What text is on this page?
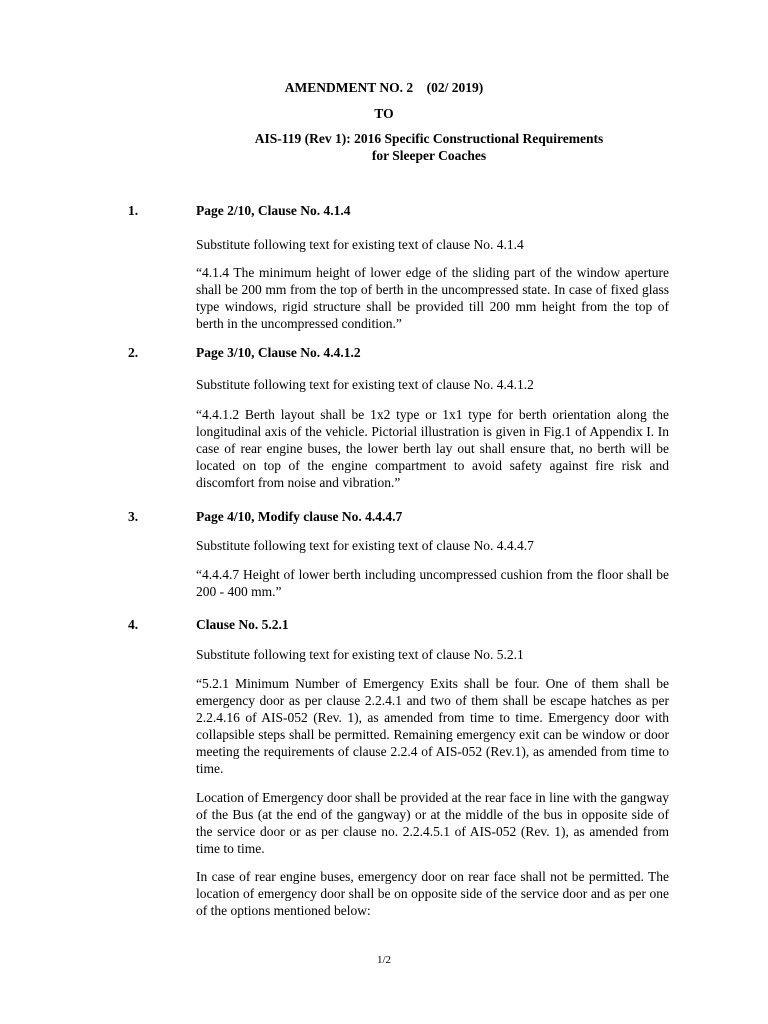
AMENDMENT NO. 2    (02/ 2019)
TO
AIS-119 (Rev 1): 2016 Specific Constructional Requirements
for Sleeper Coaches
1.	Page 2/10, Clause No. 4.1.4
Substitute following text for existing text of clause No. 4.1.4
“4.1.4 The minimum height of lower edge of the sliding part of the window aperture shall be 200 mm from the top of berth in the uncompressed state. In case of fixed glass type windows, rigid structure shall be provided till 200 mm height from the top of berth in the uncompressed condition.”
2.	Page 3/10, Clause No. 4.4.1.2
Substitute following text for existing text of clause No. 4.4.1.2
“4.4.1.2 Berth layout shall be 1x2 type or 1x1 type for berth orientation along the longitudinal axis of the vehicle. Pictorial illustration is given in Fig.1 of Appendix I. In case of rear engine buses, the lower berth lay out shall ensure that, no berth will be located on top of the engine compartment to avoid safety against fire risk and discomfort from noise and vibration.”
3.	Page 4/10, Modify clause No. 4.4.4.7
Substitute following text for existing text of clause No. 4.4.4.7
“4.4.4.7 Height of lower berth including uncompressed cushion from the floor shall be 200 - 400 mm.”
4.	Clause No. 5.2.1
Substitute following text for existing text of clause No. 5.2.1
“5.2.1 Minimum Number of Emergency Exits shall be four. One of them shall be emergency door as per clause 2.2.4.1 and two of them shall be escape hatches as per 2.2.4.16 of AIS-052 (Rev. 1), as amended from time to time. Emergency door with collapsible steps shall be permitted. Remaining emergency exit can be window or door meeting the requirements of clause 2.2.4 of AIS-052 (Rev.1), as amended from time to time.
Location of Emergency door shall be provided at the rear face in line with the gangway of the Bus (at the end of the gangway) or at the middle of the bus in opposite side of the service door or as per clause no. 2.2.4.5.1 of AIS-052 (Rev. 1), as amended from time to time.
In case of rear engine buses, emergency door on rear face shall not be permitted. The location of emergency door shall be on opposite side of the service door and as per one of the options mentioned below:
1/2
